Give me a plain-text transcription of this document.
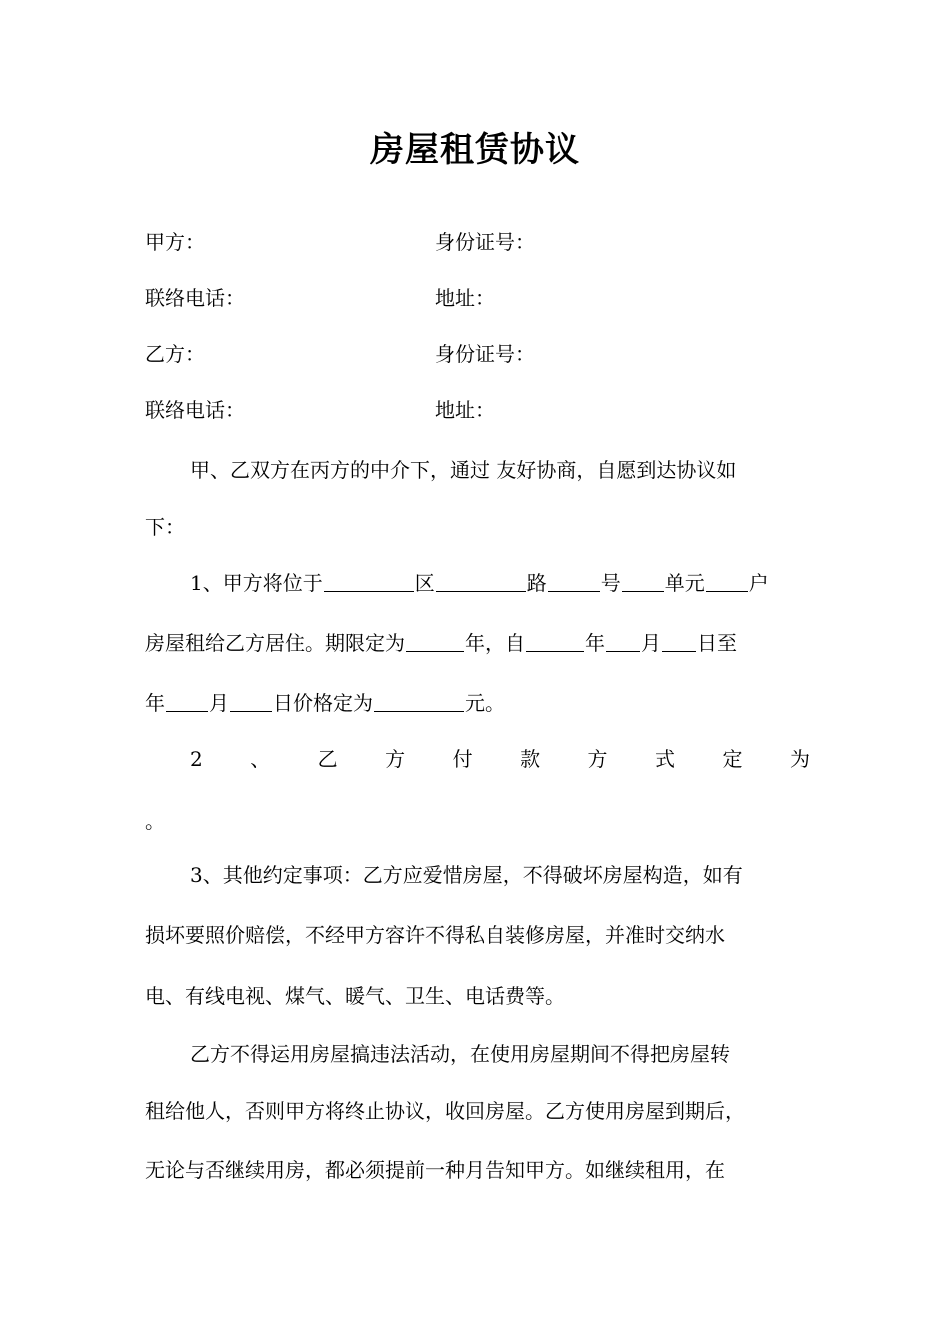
房屋租赁协议
甲方：	身份证号：
联络电话：	地址：
乙方：	身份证号：
联络电话：	地址：
甲、乙双方在丙方的中介下，通过 友好协商，自愿到达协议如
下：
1、甲方将位于	区	路	号 单元 户
房屋租给乙方居住。期限定为	年，自	年 月 日至
年 月 日价格定为	元。
2 、 乙 方 付 款 方 式 定 为
。
3、其他约定事项：乙方应爱惜房屋，不得破坏房屋构造，如有
损坏要照价赔偿，不经甲方容许不得私自装修房屋，并准时交纳水
电、有线电视、煤气、暖气、卫生、电话费等。
乙方不得运用房屋搞违法活动，在使用房屋期间不得把房屋转
租给他人，否则甲方将终止协议，收回房屋。乙方使用房屋到期后，
无论与否继续用房，都必须提前一种月告知甲方。如继续租用，在
